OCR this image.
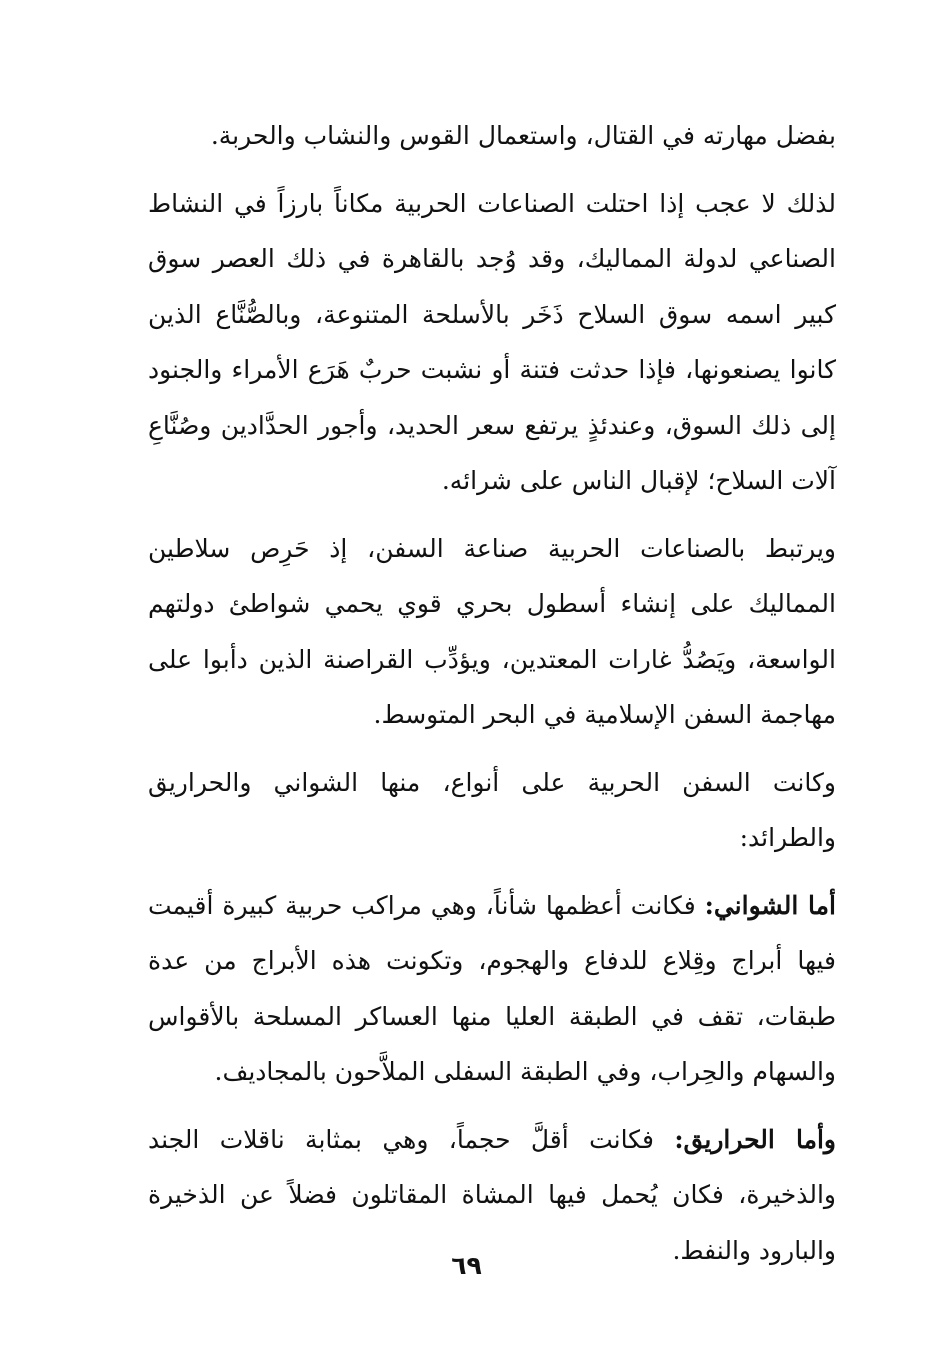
بفضل مهارته في القتال، واستعمال القوس والنشاب والحربة.

لذلك لا عجب إذا احتلت الصناعات الحربية مكاناً بارزاً في النشاط الصناعي لدولة المماليك، وقد وُجد بالقاهرة في ذلك العصر سوق كبير اسمه سوق السلاح ذَخَر بالأسلحة المتنوعة، وبالصُّنَّاع الذين كانوا يصنعونها، فإذا حدثت فتنة أو نشبت حربٌ هَرَع الأمراء والجنود إلى ذلك السوق، وعندئذٍ يرتفع سعر الحديد، وأجور الحدَّادين وصُنَّاعِ آلات السلاح؛ لإقبال الناس على شرائه.

ويرتبط بالصناعات الحربية صناعة السفن، إذ حَرِص سلاطين المماليك على إنشاء أسطول بحري قوي يحمي شواطئ دولتهم الواسعة، ويَصُدُّ غارات المعتدين، ويؤدِّب القراصنة الذين دأبوا على مهاجمة السفن الإسلامية في البحر المتوسط.

وكانت السفن الحربية على أنواع، منها الشواني والحراريق والطرائد:

أما الشواني: فكانت أعظمها شأناً، وهي مراكب حربية كبيرة أقيمت فيها أبراج وقِلاع للدفاع والهجوم، وتكونت هذه الأبراج من عدة طبقات، تقف في الطبقة العليا منها العساكر المسلحة بالأقواس والسهام والحِراب، وفي الطبقة السفلى الملاَّحون بالمجاديف.

وأما الحراريق: فكانت أقلَّ حجماً، وهي بمثابة ناقلات الجند والذخيرة، فكان يُحمل فيها المشاة المقاتلون فضلاً عن الذخيرة والبارود والنفط.

٦٩
